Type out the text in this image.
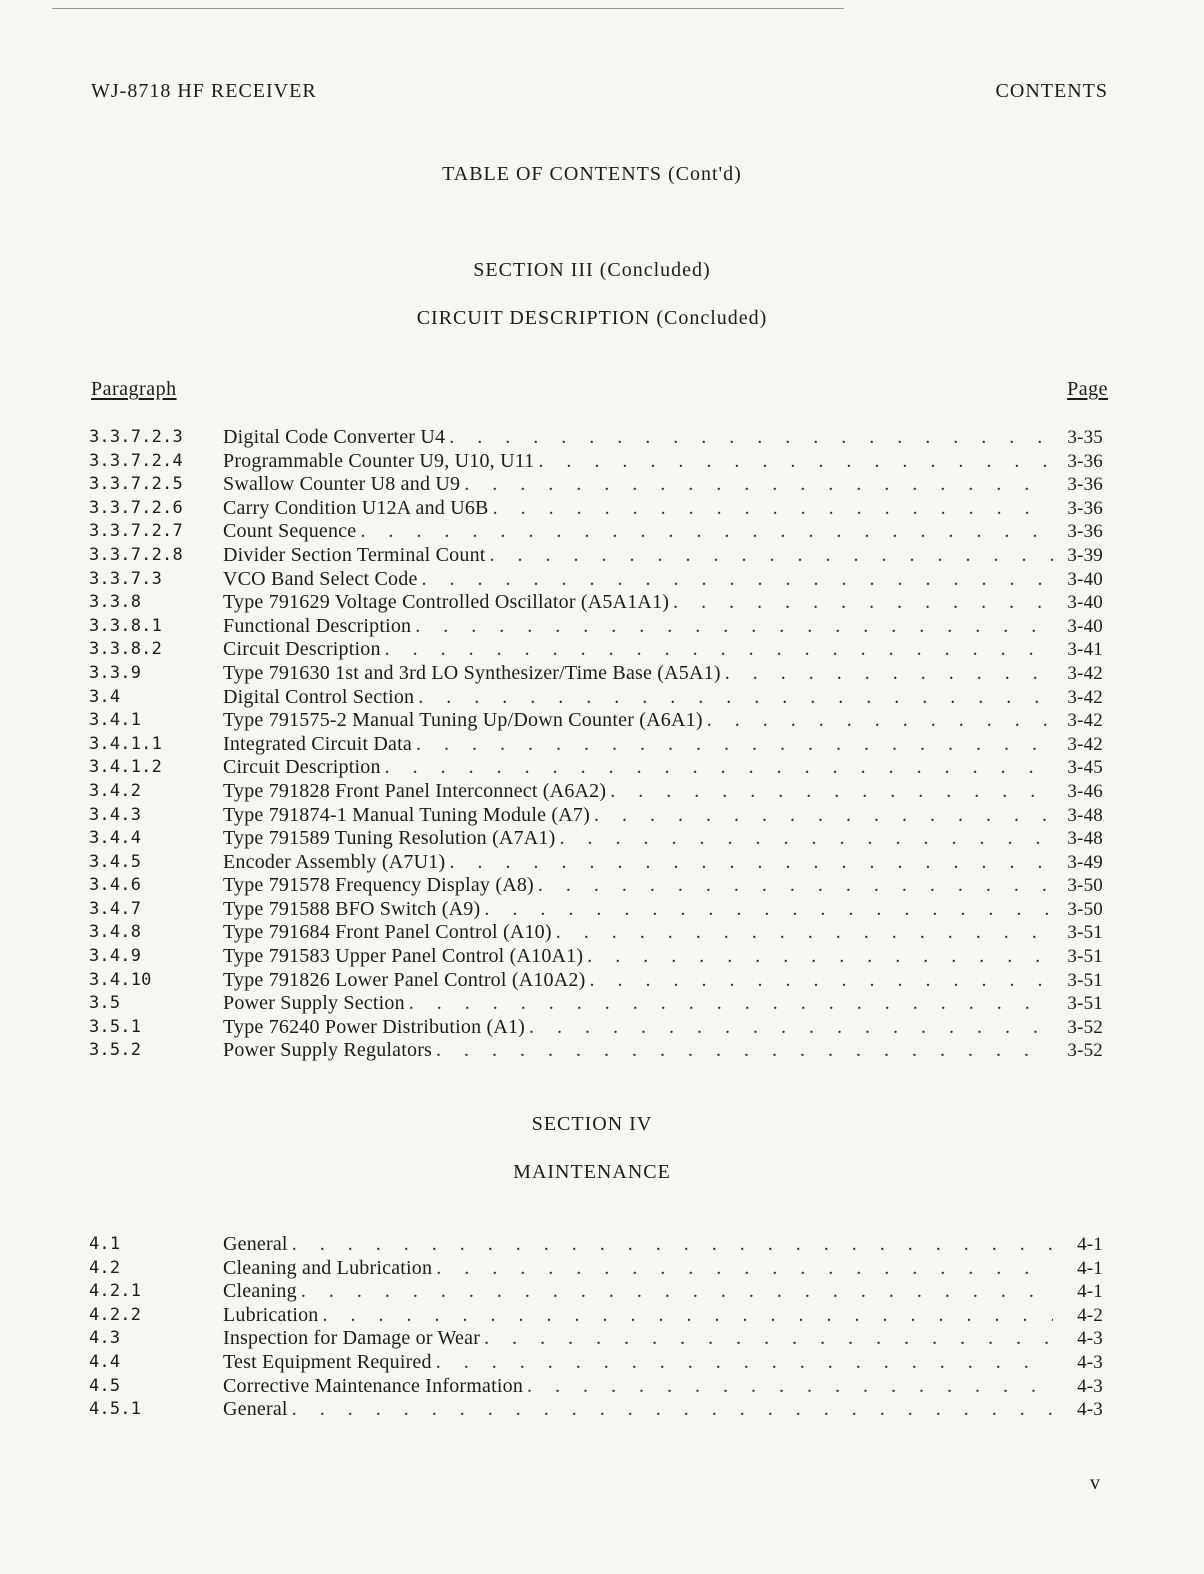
WJ-8718 HF RECEIVER	CONTENTS
TABLE OF CONTENTS (Cont'd)
SECTION III (Concluded)
CIRCUIT DESCRIPTION (Concluded)
Paragraph	Page
3.3.7.2.3 Digital Code Converter U4 . . .	3-35
3.3.7.2.4 Programmable Counter U9, U10, U11 . . .	3-36
3.3.7.2.5 Swallow Counter U8 and U9 . . .	3-36
3.3.7.2.6 Carry Condition U12A and U6B . . .	3-36
3.3.7.2.7 Count Sequence . . .	3-36
3.3.7.2.8 Divider Section Terminal Count . . .	3-39
3.3.7.3	VCO Band Select Code . . .	3-40
3.3.8	Type 791629 Voltage Controlled Oscillator (A5A1A1) . . .	3-40
3.3.8.1	Functional Description . . .	3-40
3.3.8.2	Circuit Description . . .	3-41
3.3.9	Type 791630 1st and 3rd LO Synthesizer/Time Base (A5A1) . . .	3-42
3.4	Digital Control Section . . .	3-42
3.4.1	Type 791575-2 Manual Tuning Up/Down Counter (A6A1) . . .	3-42
3.4.1.1	Integrated Circuit Data . . .	3-42
3.4.1.2	Circuit Description . . .	3-45
3.4.2	Type 791828 Front Panel Interconnect (A6A2) . . .	3-46
3.4.3	Type 791874-1 Manual Tuning Module (A7) . . .	3-48
3.4.4	Type 791589 Tuning Resolution (A7A1) . . .	3-48
3.4.5	Encoder Assembly (A7U1) . . .	3-49
3.4.6	Type 791578 Frequency Display (A8) . . .	3-50
3.4.7	Type 791588 BFO Switch (A9) . . .	3-50
3.4.8	Type 791684 Front Panel Control (A10) . . .	3-51
3.4.9	Type 791583 Upper Panel Control (A10A1) . . .	3-51
3.4.10	Type 791826 Lower Panel Control (A10A2) . . .	3-51
3.5	Power Supply Section . . .	3-51
3.5.1	Type 76240 Power Distribution (A1) . . .	3-52
3.5.2	Power Supply Regulators . . .	3-52
SECTION IV
MAINTENANCE
4.1	General . . .	4-1
4.2	Cleaning and Lubrication . . .	4-1
4.2.1	Cleaning . . .	4-1
4.2.2	Lubrication . . .	4-2
4.3	Inspection for Damage or Wear . . .	4-3
4.4	Test Equipment Required . . .	4-3
4.5	Corrective Maintenance Information . . .	4-3
4.5.1	General . . .	4-3
v
